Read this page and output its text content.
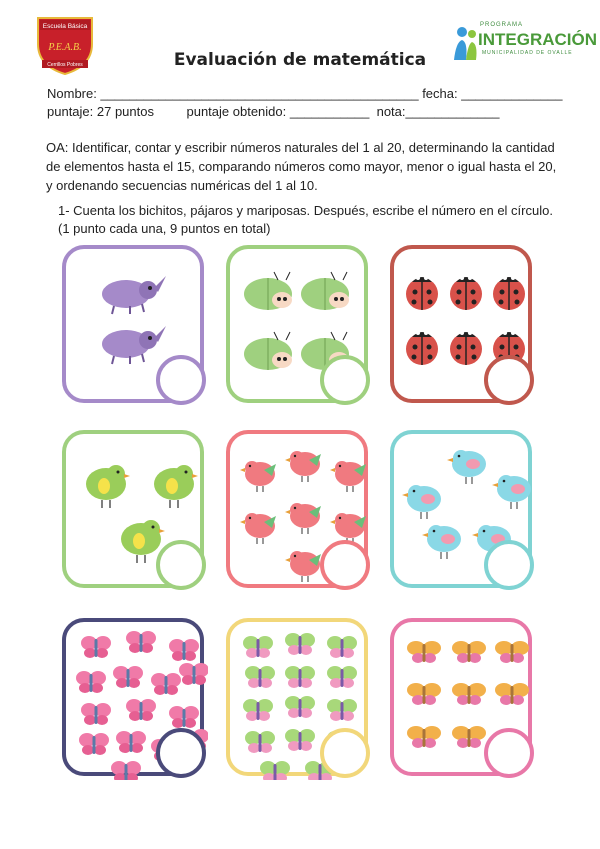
Escuela Básica
P.E.A.B.
Cerrillos Pobres
PROGRAMA
INTEGRACIÓN
MUNICIPALIDAD DE OVALLE
Evaluación de matemática
Nombre: ____________________________________________ fecha: ______________
puntaje: 27 puntos         puntaje obtenido: ___________  nota:_____________
OA: Identificar, contar y escribir números naturales del 1 al 20, determinando la cantidad de elementos hasta el 15, comparando números como mayor, menor o igual hasta el 20, y ordenando secuencias numéricas del 1 al 10.
1- Cuenta los bichitos, pájaros y mariposas. Después, escribe el número en el círculo. (1 punto cada una, 9 puntos en total)
